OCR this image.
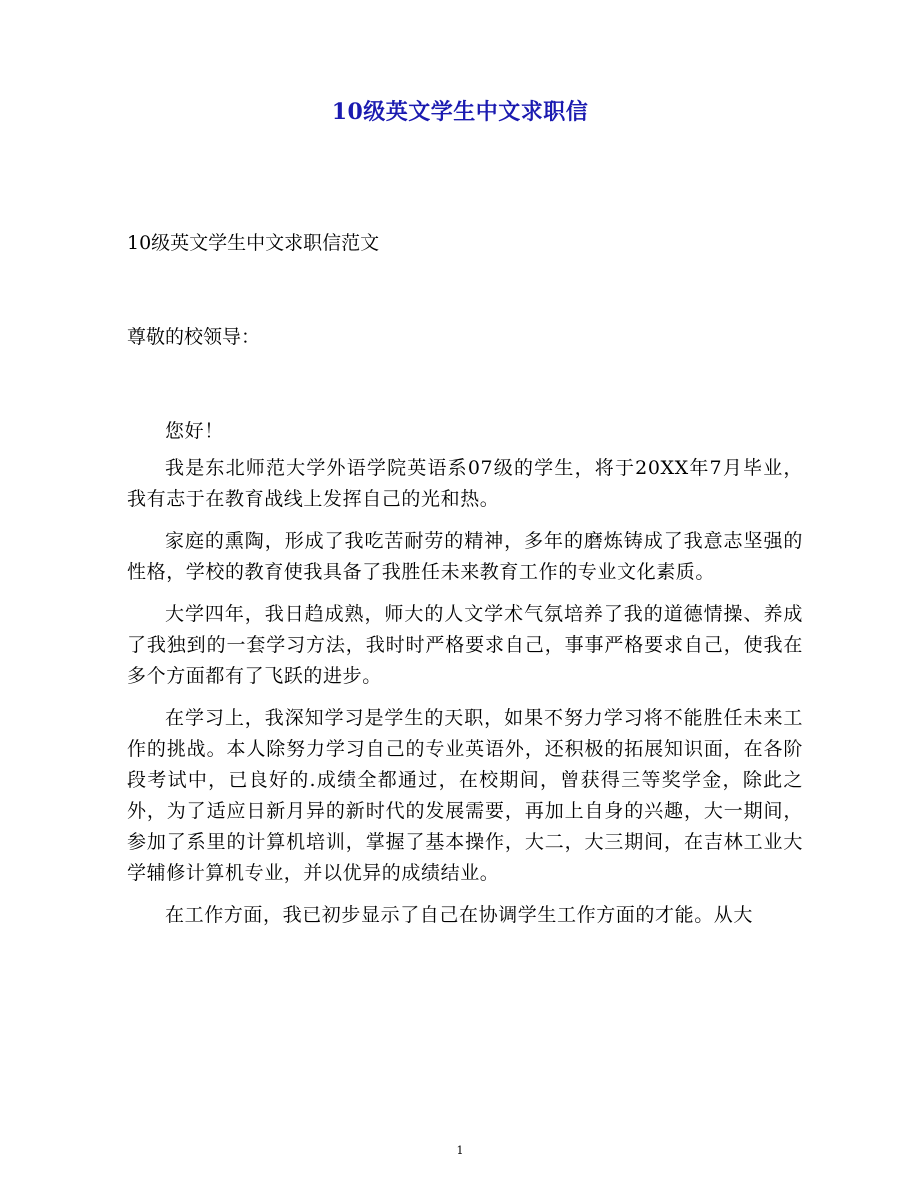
10级英文学生中文求职信
10级英文学生中文求职信范文
尊敬的校领导：

您好！

我是东北师范大学外语学院英语系07级的学生，将于20XX年7月毕业，我有志于在教育战线上发挥自己的光和热。

家庭的熏陶，形成了我吃苦耐劳的精神，多年的磨炼铸成了我意志坚强的性格，学校的教育使我具备了我胜任未来教育工作的专业文化素质。

大学四年，我日趋成熟，师大的人文学术气氛培养了我的道德情操、养成了我独到的一套学习方法，我时时严格要求自己，事事严格要求自己，使我在多个方面都有了飞跃的进步。

在学习上，我深知学习是学生的天职，如果不努力学习将不能胜任未来工作的挑战。本人除努力学习自己的专业英语外，还积极的拓展知识面，在各阶段考试中，已良好的.成绩全都通过，在校期间，曾获得三等奖学金，除此之外，为了适应日新月异的新时代的发展需要，再加上自身的兴趣，大一期间，参加了系里的计算机培训，掌握了基本操作，大二，大三期间，在吉林工业大学辅修计算机专业，并以优异的成绩结业。

在工作方面，我已初步显示了自己在协调学生工作方面的才能。从大

1
